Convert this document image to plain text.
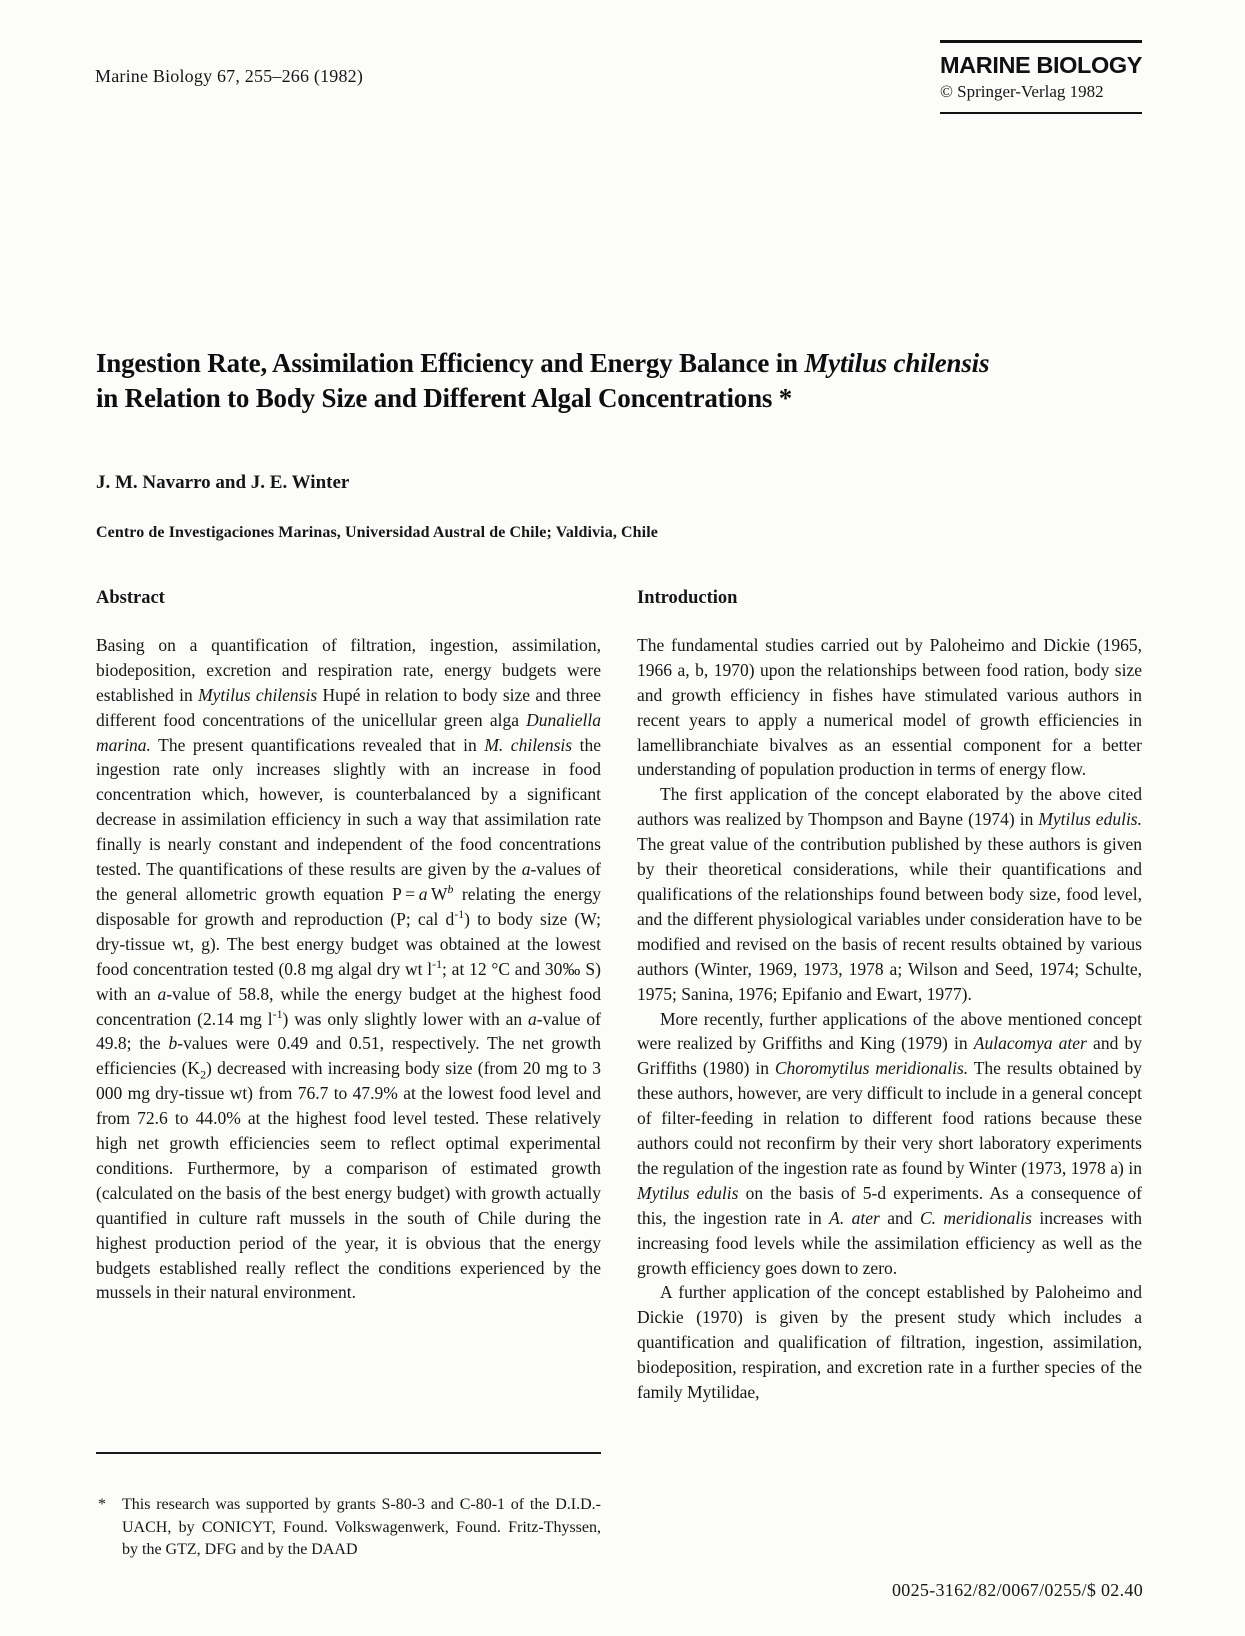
Marine Biology 67, 255–266 (1982)	MARINE BIOLOGY
© Springer-Verlag 1982
Ingestion Rate, Assimilation Efficiency and Energy Balance in Mytilus chilensis
in Relation to Body Size and Different Algal Concentrations *
J. M. Navarro and J. E. Winter
Centro de Investigaciones Marinas, Universidad Austral de Chile; Valdivia, Chile
Abstract

Basing on a quantification of filtration, ingestion, assimilation, biodeposition, excretion and respiration rate, energy budgets were established in Mytilus chilensis Hupé in relation to body size and three different food concentrations of the unicellular green alga Dunaliella marina. The present quantifications revealed that in M. chilensis the ingestion rate only increases slightly with an increase in food concentration which, however, is counterbalanced by a significant decrease in assimilation efficiency in such a way that assimilation rate finally is nearly constant and independent of the food concentrations tested. The quantifications of these results are given by the a-values of the general allometric growth equation P = a $W^b$ relating the energy disposable for growth and reproduction (P; cal $d^{-1}$) to body size (W; dry-tissue wt, g). The best energy budget was obtained at the lowest food concentration tested (0.8 mg algal dry wt $l^{-1}$; at 12 °C and 30‰ S) with an a-value of 58.8, while the energy budget at the highest food concentration (2.14 mg $l^{-1}$) was only slightly lower with an a-value of 49.8; the b-values were 0.49 and 0.51, respectively. The net growth efficiencies $(K_2)$ decreased with increasing body size (from 20 mg to 3 000 mg dry-tissue wt) from 76.7 to 47.9% at the lowest food level and from 72.6 to 44.0% at the highest food level tested. These relatively high net growth efficiencies seem to reflect optimal experimental conditions. Furthermore, by a comparison of estimated growth (calculated on the basis of the best energy budget) with growth actually quantified in culture raft mussels in the south of Chile during the highest production period of the year, it is obvious that the energy budgets established really reflect the conditions experienced by the mussels in their natural environment.

Introduction

The fundamental studies carried out by Paloheimo and Dickie (1965, 1966 a, b, 1970) upon the relationships between food ration, body size and growth efficiency in fishes have stimulated various authors in recent years to apply a numerical model of growth efficiencies in lamellibranchiate bivalves as an essential component for a better understanding of population production in terms of energy flow.

The first application of the concept elaborated by the above cited authors was realized by Thompson and Bayne (1974) in Mytilus edulis. The great value of the contribution published by these authors is given by their theoretical considerations, while their quantifications and qualifications of the relationships found between body size, food level, and the different physiological variables under consideration have to be modified and revised on the basis of recent results obtained by various authors (Winter, 1969, 1973, 1978 a; Wilson and Seed, 1974; Schulte, 1975; Sanina, 1976; Epifanio and Ewart, 1977).

More recently, further applications of the above mentioned concept were realized by Griffiths and King (1979) in Aulacomya ater and by Griffiths (1980) in Choromytilus meridionalis. The results obtained by these authors, however, are very difficult to include in a general concept of filter-feeding in relation to different food rations because these authors could not reconfirm by their very short laboratory experiments the regulation of the ingestion rate as found by Winter (1973, 1978 a) in Mytilus edulis on the basis of 5-d experiments. As a consequence of this, the ingestion rate in A. ater and C. meridionalis increases with increasing food levels while the assimilation efficiency as well as the growth efficiency goes down to zero.

A further application of the concept established by Paloheimo and Dickie (1970) is given by the present study which includes a quantification and qualification of filtration, ingestion, assimilation, biodeposition, respiration, and excretion rate in a further species of the family Mytilidae,

* This research was supported by grants S-80-3 and C-80-1 of the D.I.D.-UACH, by CONICYT, Found. Volkswagenwerk, Found. Fritz-Thyssen, by the GTZ, DFG and by the DAAD
0025-3162/82/0067/0255/$ 02.40
